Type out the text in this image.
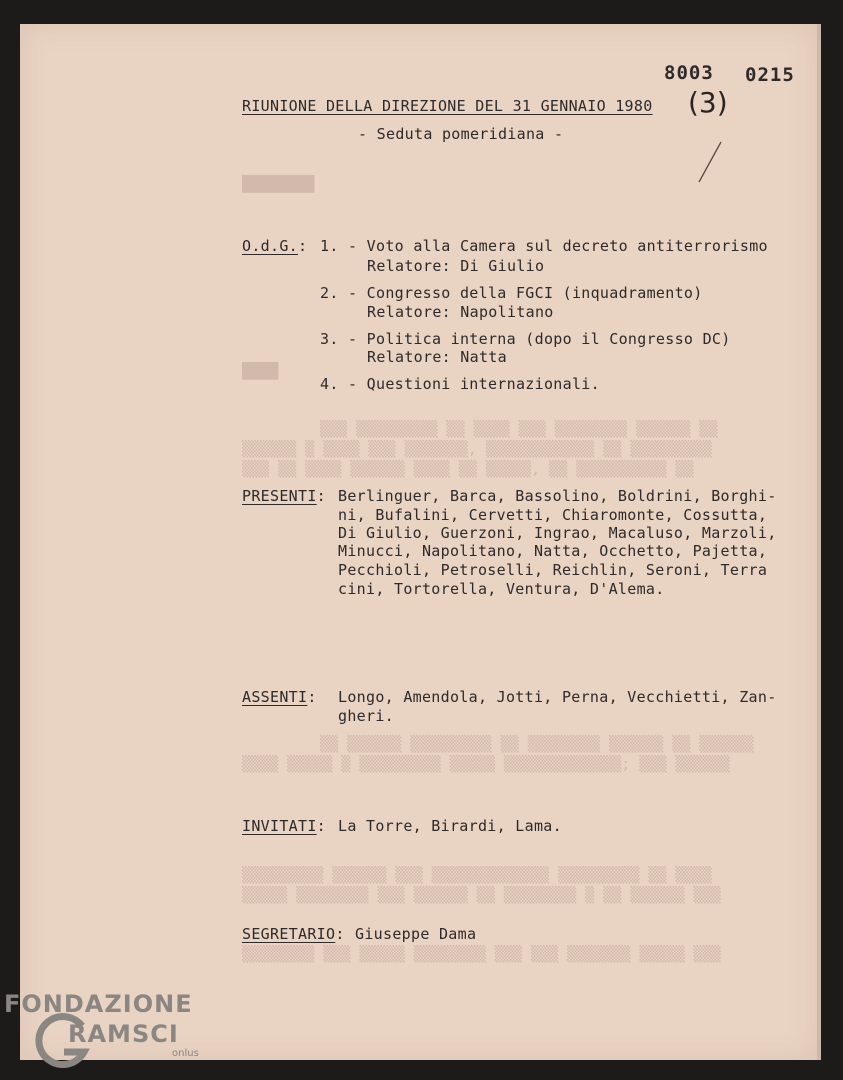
████████
████
▒▒▒ ▒▒▒▒▒▒▒▒▒ ▒▒ ▒▒▒▒ ▒▒▒ ▒▒▒▒▒▒▒▒ ▒▒▒▒▒▒ ▒▒
▒▒▒▒▒▒ ▒ ▒▒▒▒ ▒▒▒ ▒▒▒▒▒▒▒, ▒▒▒▒▒▒▒▒▒▒▒▒ ▒▒ ▒▒▒▒▒▒▒▒▒
▒▒▒ ▒▒ ▒▒▒▒ ▒▒▒▒▒▒ ▒▒▒▒ ▒▒ ▒▒▒▒▒, ▒▒ ▒▒▒▒▒▒▒▒▒▒ ▒▒
▒▒ ▒▒▒▒▒▒ ▒▒▒▒▒▒▒▒▒ ▒▒ ▒▒▒▒▒▒▒▒ ▒▒▒▒▒▒ ▒▒ ▒▒▒▒▒▒
▒▒▒▒ ▒▒▒▒▒ ▒ ▒▒▒▒▒▒▒▒▒ ▒▒▒▒▒ ▒▒▒▒▒▒▒▒▒▒▒▒▒; ▒▒▒ ▒▒▒▒▒▒
▒▒▒▒▒▒▒▒▒ ▒▒▒▒▒▒ ▒▒▒ ▒▒▒▒▒▒▒▒▒▒▒▒▒ ▒▒▒▒▒▒▒▒▒ ▒▒ ▒▒▒▒
▒▒▒▒▒ ▒▒▒▒▒▒▒▒ ▒▒▒ ▒▒▒▒▒▒ ▒▒ ▒▒▒▒▒▒▒▒ ▒ ▒▒ ▒▒▒▒▒▒ ▒▒▒
▒▒▒▒▒▒▒▒ ▒▒▒ ▒▒▒▒▒ ▒▒▒▒▒▒▒▒ ▒▒▒ ▒▒▒ ▒▒▒▒▒▒▒ ▒▒▒▒▒ ▒▒▒
8003 0215
(3)
RIUNIONE DELLA DIREZIONE DEL 31 GENNAIO 1980
- Seduta pomeridiana -
O.d.G.: 1. - Voto alla Camera sul decreto antiterrorismo
Relatore: Di Giulio
2. - Congresso della FGCI (inquadramento)
Relatore: Napolitano
3. - Politica interna (dopo il Congresso DC)
Relatore: Natta
4. - Questioni internazionali.
PRESENTI: Berlinguer, Barca, Bassolino, Boldrini, Borghi-
ni, Bufalini, Cervetti, Chiaromonte, Cossutta,
Di Giulio, Guerzoni, Ingrao, Macaluso, Marzoli,
Minucci, Napolitano, Natta, Occhetto, Pajetta,
Pecchioli, Petroselli, Reichlin, Seroni, Terra
cini, Tortorella, Ventura, D'Alema.
ASSENTI: Longo, Amendola, Jotti, Perna, Vecchietti, Zan-
gheri.
INVITATI: La Torre, Birardi, Lama.
SEGRETARIO: Giuseppe Dama
FONDAZIONE
RAMSCI
onlus
